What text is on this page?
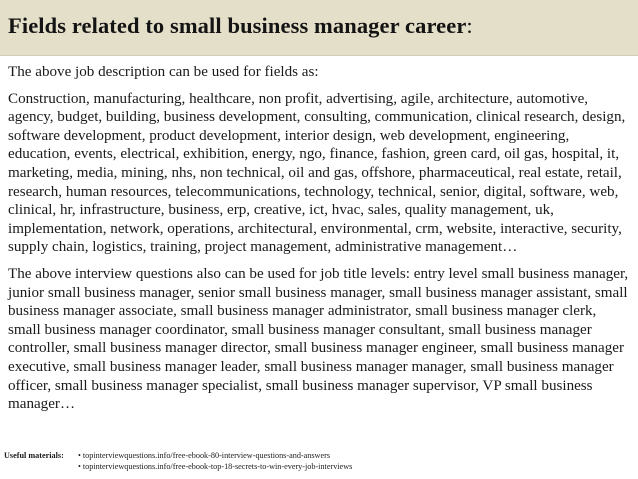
Fields related to small business manager career:

The above job description can be used for fields as:

Construction, manufacturing, healthcare, non profit, advertising, agile, architecture, automotive, agency, budget, building, business development, consulting, communication, clinical research, design, software development, product development, interior design, web development, engineering, education, events, electrical, exhibition, energy, ngo, finance, fashion, green card, oil gas, hospital, it, marketing, media, mining, nhs, non technical, oil and gas, offshore, pharmaceutical, real estate, retail, research, human resources, telecommunications, technology, technical, senior, digital, software, web, clinical, hr, infrastructure, business, erp, creative, ict, hvac, sales, quality management, uk, implementation, network, operations, architectural, environmental, crm, website, interactive, security, supply chain, logistics, training, project management, administrative management…

The above interview questions also can be used for job title levels: entry level small business manager, junior small business manager, senior small business manager, small business manager assistant, small business manager associate, small business manager administrator, small business manager clerk, small business manager coordinator, small business manager consultant, small business manager controller, small business manager director, small business manager engineer, small business manager executive, small business manager leader, small business manager manager, small business manager officer, small business manager specialist, small business manager supervisor, VP small business manager…

Useful materials:	• topinterviewquestions.info/free-ebook-80-interview-questions-and-answers
• topinterviewquestions.info/free-ebook-top-18-secrets-to-win-every-job-interviews
